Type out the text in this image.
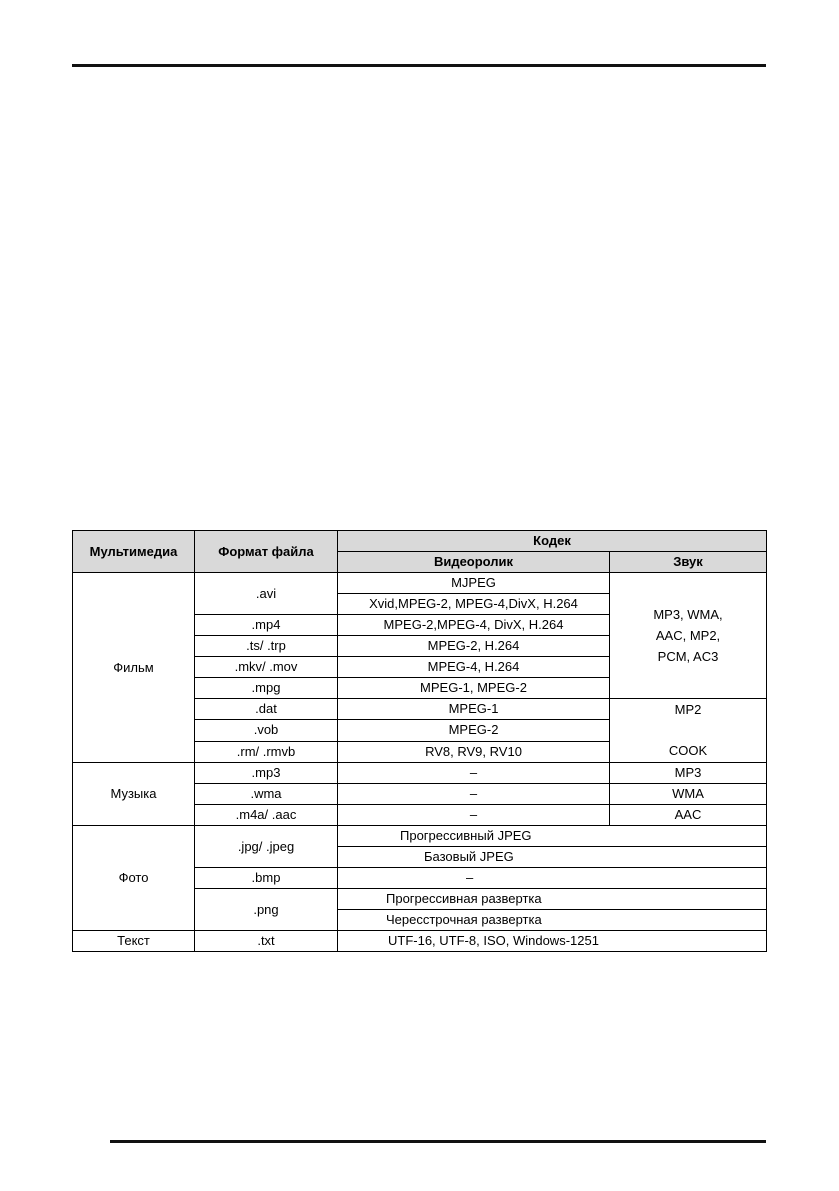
Мультимедиа	Формат файла	Кодек	
		Видеоролик	Звук
Фильм	.avi	MJPEG	MP3, WMA,
AAC, MP2,
PCM, AC3

		Xvid,MPEG-2, MPEG-4,DivX, H.264	
	.mp4	MPEG-2,MPEG-4, DivX, H.264	
	.ts/ .trp	MPEG-2, H.264	
	.mkv/ .mov	MPEG-4, H.264	
	.mpg	MPEG-1, MPEG-2	
	.dat	MPEG-1	MP2
COOK

	.vob	MPEG-2	
	.rm/ .rmvb	RV8, RV9, RV10	
Музыка	.mp3	–	MP3
	.wma	–	WMA
	.m4a/ .aac	–	AAC
Фото	.jpg/ .jpeg	Прогрессивный JPEG	
		Базовый JPEG	
	.bmp	–	
	.png	Прогрессивная развертка	
		Чересстрочная развертка	
Текст	.txt	UTF-16, UTF-8, ISO, Windows-1251	
